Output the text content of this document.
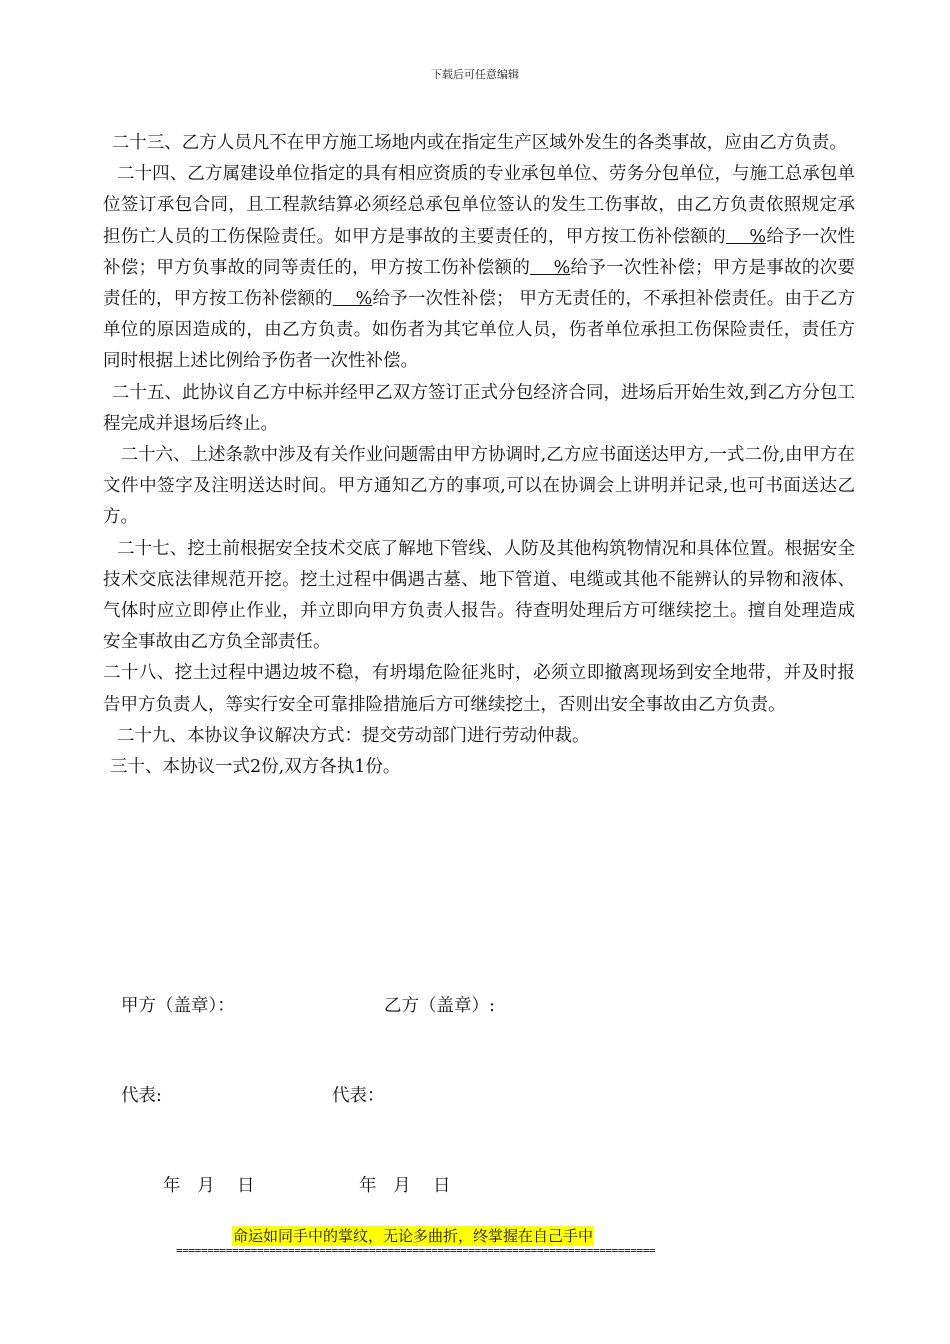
下载后可任意编辑

二十三、乙方人员凡不在甲方施工场地内或在指定生产区域外发生的各类事故，应由乙方负责。

二十四、乙方属建设单位指定的具有相应资质的专业承包单位、劳务分包单位，与施工总承包单位签订承包合同，且工程款结算必须经总承包单位签认的发生工伤事故，由乙方负责依照规定承担伤亡人员的工伤保险责任。如甲方是事故的主要责任的，甲方按工伤补偿额的 %给予一次性补偿；甲方负事故的同等责任的，甲方按工伤补偿额的 %给予一次性补偿；甲方是事故的次要责任的，甲方按工伤补偿额的 %给予一次性补偿； 甲方无责任的，不承担补偿责任。由于乙方单位的原因造成的，由乙方负责。如伤者为其它单位人员，伤者单位承担工伤保险责任，责任方同时根据上述比例给予伤者一次性补偿。

二十五、此协议自乙方中标并经甲乙双方签订正式分包经济合同，进场后开始生效,到乙方分包工程完成并退场后终止。

二十六、上述条款中涉及有关作业问题需由甲方协调时,乙方应书面送达甲方,一式二份,由甲方在文件中签字及注明送达时间。甲方通知乙方的事项,可以在协调会上讲明并记录,也可书面送达乙方。

二十七、挖土前根据安全技术交底了解地下管线、人防及其他构筑物情况和具体位置。根据安全技术交底法律规范开挖。挖土过程中偶遇古墓、地下管道、电缆或其他不能辨认的异物和液体、气体时应立即停止作业，并立即向甲方负责人报告。待查明处理后方可继续挖土。擅自处理造成安全事故由乙方负全部责任。

二十八、挖土过程中遇边坡不稳，有坍塌危险征兆时，必须立即撤离现场到安全地带，并及时报告甲方负责人，等实行安全可靠排险措施后方可继续挖土，否则出安全事故由乙方负责。

二十九、本协议争议解决方式：提交劳动部门进行劳动仲裁。

三十、本协议一式2份,双方各执1份。

甲方（盖章）：	乙方（盖章）:
代表:	代表：
年   月    日	年   月    日
命运如同手中的掌纹，无论多曲折，终掌握在自己手中
=============================================================================
